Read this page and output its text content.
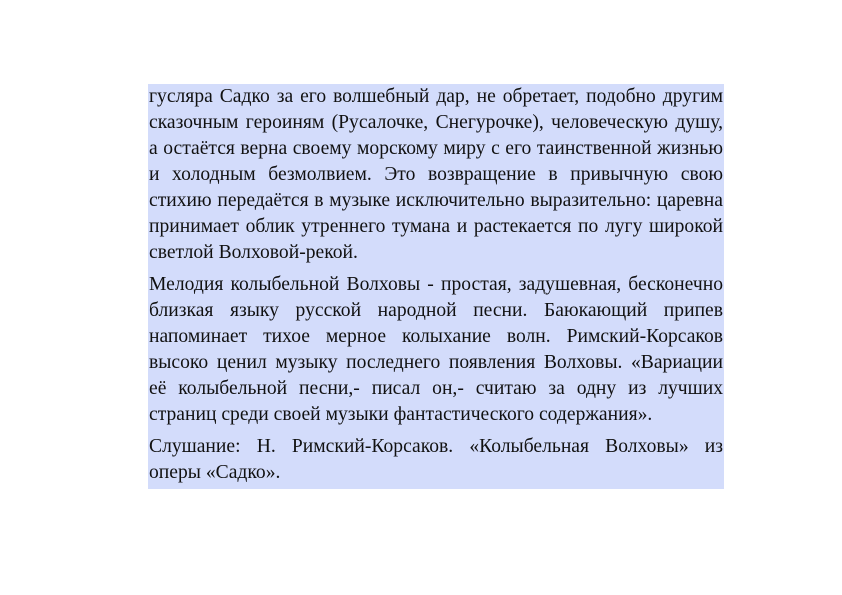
гусляра Садко за его волшебный дар, не обретает, подобно другим сказочным героиням (Русалочке, Снегурочке), человеческую душу, а остаётся верна своему морскому миру с его таинственной жизнью и холодным безмолвием. Это возвращение в привычную свою стихию передаётся в музыке исключительно выразительно: царевна принимает облик утреннего тумана и растекается по лугу широкой светлой Волховой-рекой.

Мелодия колыбельной Волховы - простая, задушевная, бесконечно близкая языку русской народной песни. Баюкающий припев напоминает тихое мерное колыхание волн. Римский-Корсаков высоко ценил музыку последнего появления Волховы. «Вариации её колыбельной песни,- писал он,- считаю за одну из лучших страниц среди своей музыки фантастического содержания».

Слушание: Н. Римский-Корсаков. «Колыбельная Волховы» из оперы «Садко».
